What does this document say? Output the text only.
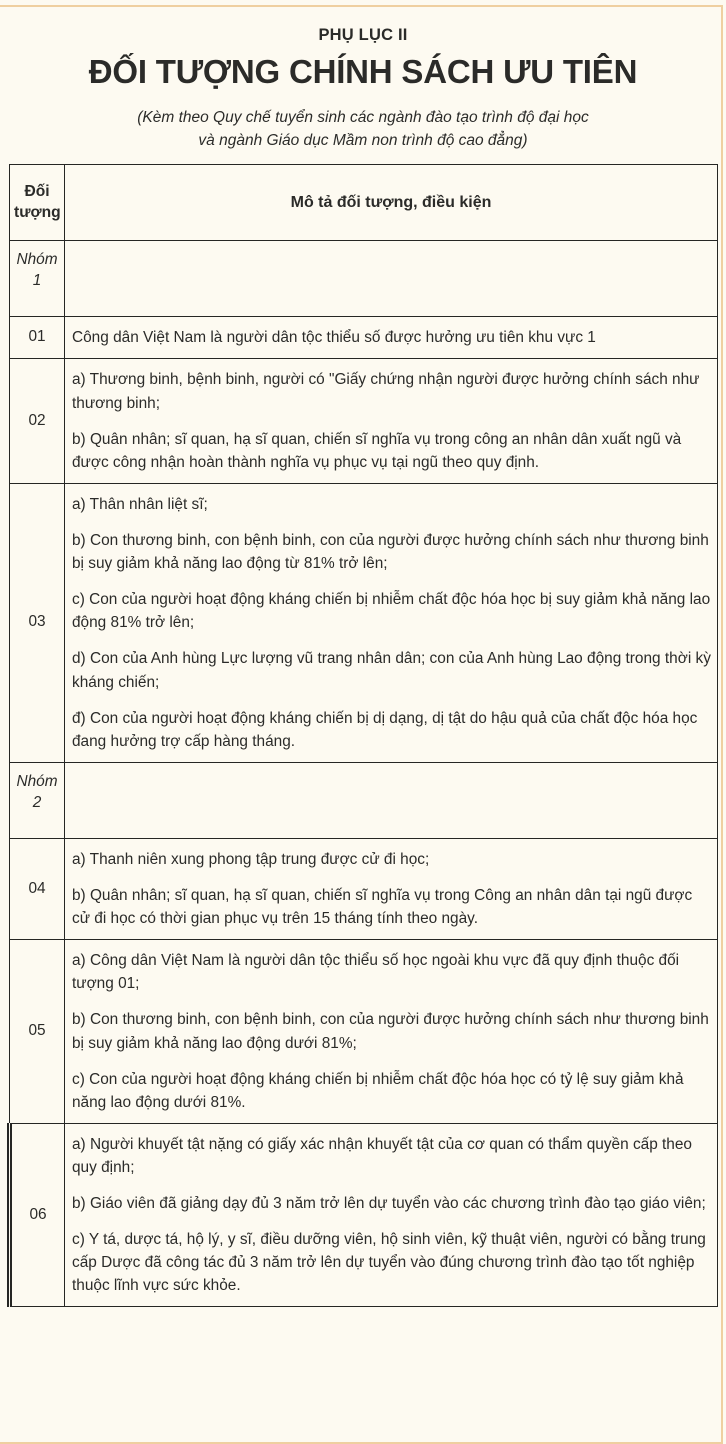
PHỤ LỤC II
ĐỐI TƯỢNG CHÍNH SÁCH ƯU TIÊN
(Kèm theo Quy chế tuyển sinh các ngành đào tạo trình độ đại học
và ngành Giáo dục Mầm non trình độ cao đẳng)
Đối
tượng	Mô tả đối tượng, điều kiện

Nhóm
1	

01	Công dân Việt Nam là người dân tộc thiểu số được hưởng ưu tiên khu vực 1

02	a) Thương binh, bệnh binh, người có "Giấy chứng nhận người được hưởng chính sách như thương binh;

b) Quân nhân; sĩ quan, hạ sĩ quan, chiến sĩ nghĩa vụ trong công an nhân dân xuất ngũ và được công nhận hoàn thành nghĩa vụ phục vụ tại ngũ theo quy định.

03	a) Thân nhân liệt sĩ;

b) Con thương binh, con bệnh binh, con của người được hưởng chính sách như thương binh bị suy giảm khả năng lao động từ 81% trở lên;

c) Con của người hoạt động kháng chiến bị nhiễm chất độc hóa học bị suy giảm khả năng lao động 81% trở lên;

d) Con của Anh hùng Lực lượng vũ trang nhân dân; con của Anh hùng Lao động trong thời kỳ kháng chiến;

đ) Con của người hoạt động kháng chiến bị dị dạng, dị tật do hậu quả của chất độc hóa học đang hưởng trợ cấp hàng tháng.

Nhóm
2	

04	a) Thanh niên xung phong tập trung được cử đi học;

b) Quân nhân; sĩ quan, hạ sĩ quan, chiến sĩ nghĩa vụ trong Công an nhân dân tại ngũ được cử đi học có thời gian phục vụ trên 15 tháng tính theo ngày.

05	a) Công dân Việt Nam là người dân tộc thiểu số học ngoài khu vực đã quy định thuộc đối tượng 01;

b) Con thương binh, con bệnh binh, con của người được hưởng chính sách như thương binh bị suy giảm khả năng lao động dưới 81%;

c) Con của người hoạt động kháng chiến bị nhiễm chất độc hóa học có tỷ lệ suy giảm khả năng lao động dưới 81%.

06	a) Người khuyết tật nặng có giấy xác nhận khuyết tật của cơ quan có thẩm quyền cấp theo quy định;

b) Giáo viên đã giảng dạy đủ 3 năm trở lên dự tuyển vào các chương trình đào tạo giáo viên;

c) Y tá, dược tá, hộ lý, y sĩ, điều dưỡng viên, hộ sinh viên, kỹ thuật viên, người có bằng trung cấp Dược đã công tác đủ 3 năm trở lên dự tuyển vào đúng chương trình đào tạo tốt nghiệp thuộc lĩnh vực sức khỏe.
